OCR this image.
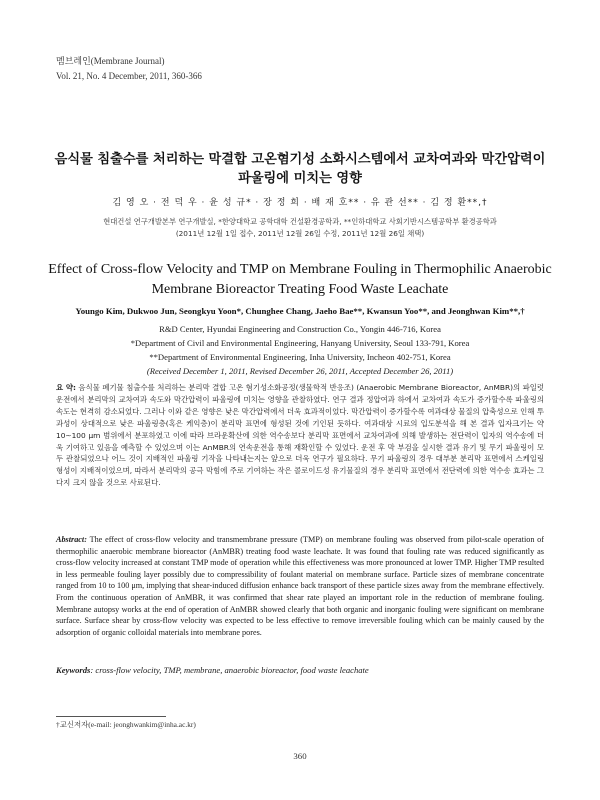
멤브레인(Membrane Journal)
Vol. 21, No. 4 December, 2011, 360-366
음식물 침출수를 처리하는 막결합 고온혐기성 소화시스템에서 교차여과와 막간압력이
파울링에 미치는 영향
김 영 오 · 전 덕 우 · 윤 성 규* · 장 정 희 · 배 재 호** · 유 관 선** · 김 정 환**,†
현대건설 연구개발본부 연구개발실, *한양대학교 공학대학 건설환경공학과, **인하대학교 사회기반시스템공학부 환경공학과
(2011년 12월 1일 접수, 2011년 12월 26일 수정, 2011년 12월 26일 채택)
Effect of Cross-flow Velocity and TMP on Membrane Fouling in Thermophilic Anaerobic
Membrane Bioreactor Treating Food Waste Leachate
Youngo Kim, Dukwoo Jun, Seongkyu Yoon*, Chunghee Chang, Jaeho Bae**, Kwansun Yoo**, and Jeonghwan Kim**,†
R&D Center, Hyundai Engineering and Construction Co., Yongin 446-716, Korea
*Department of Civil and Environmental Engineering, Hanyang University, Seoul 133-791, Korea
**Department of Environmental Engineering, Inha University, Incheon 402-751, Korea
(Received December 1, 2011, Revised December 26, 2011, Accepted December 26, 2011)
요 약: 음식물 폐기물 침출수를 처리하는 분리막 결합 고온 혐기성소화공정(생물학적 반응조) (Anaerobic Membrane Bioreactor, AnMBR)의 파일럿 운전에서 분리막의 교차여과 속도와 막간압력이 파울링에 미치는 영향을 관찰하였다. 연구 결과 정압여과 하에서 교차여과 속도가 증가할수록 파울링의 속도는 현격히 감소되었다. 그러나 이와 같은 영향은 낮은 막간압력에서 더욱 효과적이었다. 막간압력이 증가할수록 여과대상 물질의 압축성으로 인해 투과성이 상대적으로 낮은 파울링층(혹은 케익층)이 분리막 표면에 형성된 것에 기인된 듯하다. 여과대상 시료의 입도분석을 해 본 결과 입자크기는 약 10∼100 μm 범위에서 분포하였고 이에 따라 브라운확산에 의한 역수송보다 분리막 표면에서 교차여과에 의해 발생하는 전단력이 입자의 역수송에 더욱 기여하고 있음을 예측할 수 있었으며 이는 AnMBR의 연속운전을 통해 재확인할 수 있었다. 운전 후 막 부검을 실시한 결과 유기 및 무기 파울링이 모두 관찰되었으나 어느 것이 지배적인 파울링 기작을 나타내는지는 앞으로 더욱 연구가 필요하다. 무기 파울링의 경우 대부분 분리막 표면에서 스케일링 형성이 지배적이었으며, 따라서 분리막의 공극 막힘에 주로 기여하는 작은 콜로이드성 유기물질의 경우 분리막 표면에서 전단력에 의한 역수송 효과는 그다지 크지 않을 것으로 사료된다.
Abstract: The effect of cross-flow velocity and transmembrane pressure (TMP) on membrane fouling was observed from pilot-scale operation of thermophilic anaerobic membrane bioreactor (AnMBR) treating food waste leachate. It was found that fouling rate was reduced significantly as cross-flow velocity increased at constant TMP mode of operation while this effectiveness was more pronounced at lower TMP. Higher TMP resulted in less permeable fouling layer possibly due to compressibility of foulant material on membrane surface. Particle sizes of membrane concentrate ranged from 10 to 100 μm, implying that shear-induced diffusion enhance back transport of these particle sizes away from the membrane effectively. From the continuous operation of AnMBR, it was confirmed that shear rate played an important role in the reduction of membrane fouling. Membrane autopsy works at the end of operation of AnMBR showed clearly that both organic and inorganic fouling were significant on membrane surface. Surface shear by cross-flow velocity was expected to be less effective to remove irreversible fouling which can be mainly caused by the adsorption of organic colloidal materials into membrane pores.
Keywords: cross-flow velocity, TMP, membrane, anaerobic bioreactor, food waste leachate
†교신저자(e-mail: jeonghwankim@inha.ac.kr)
360
